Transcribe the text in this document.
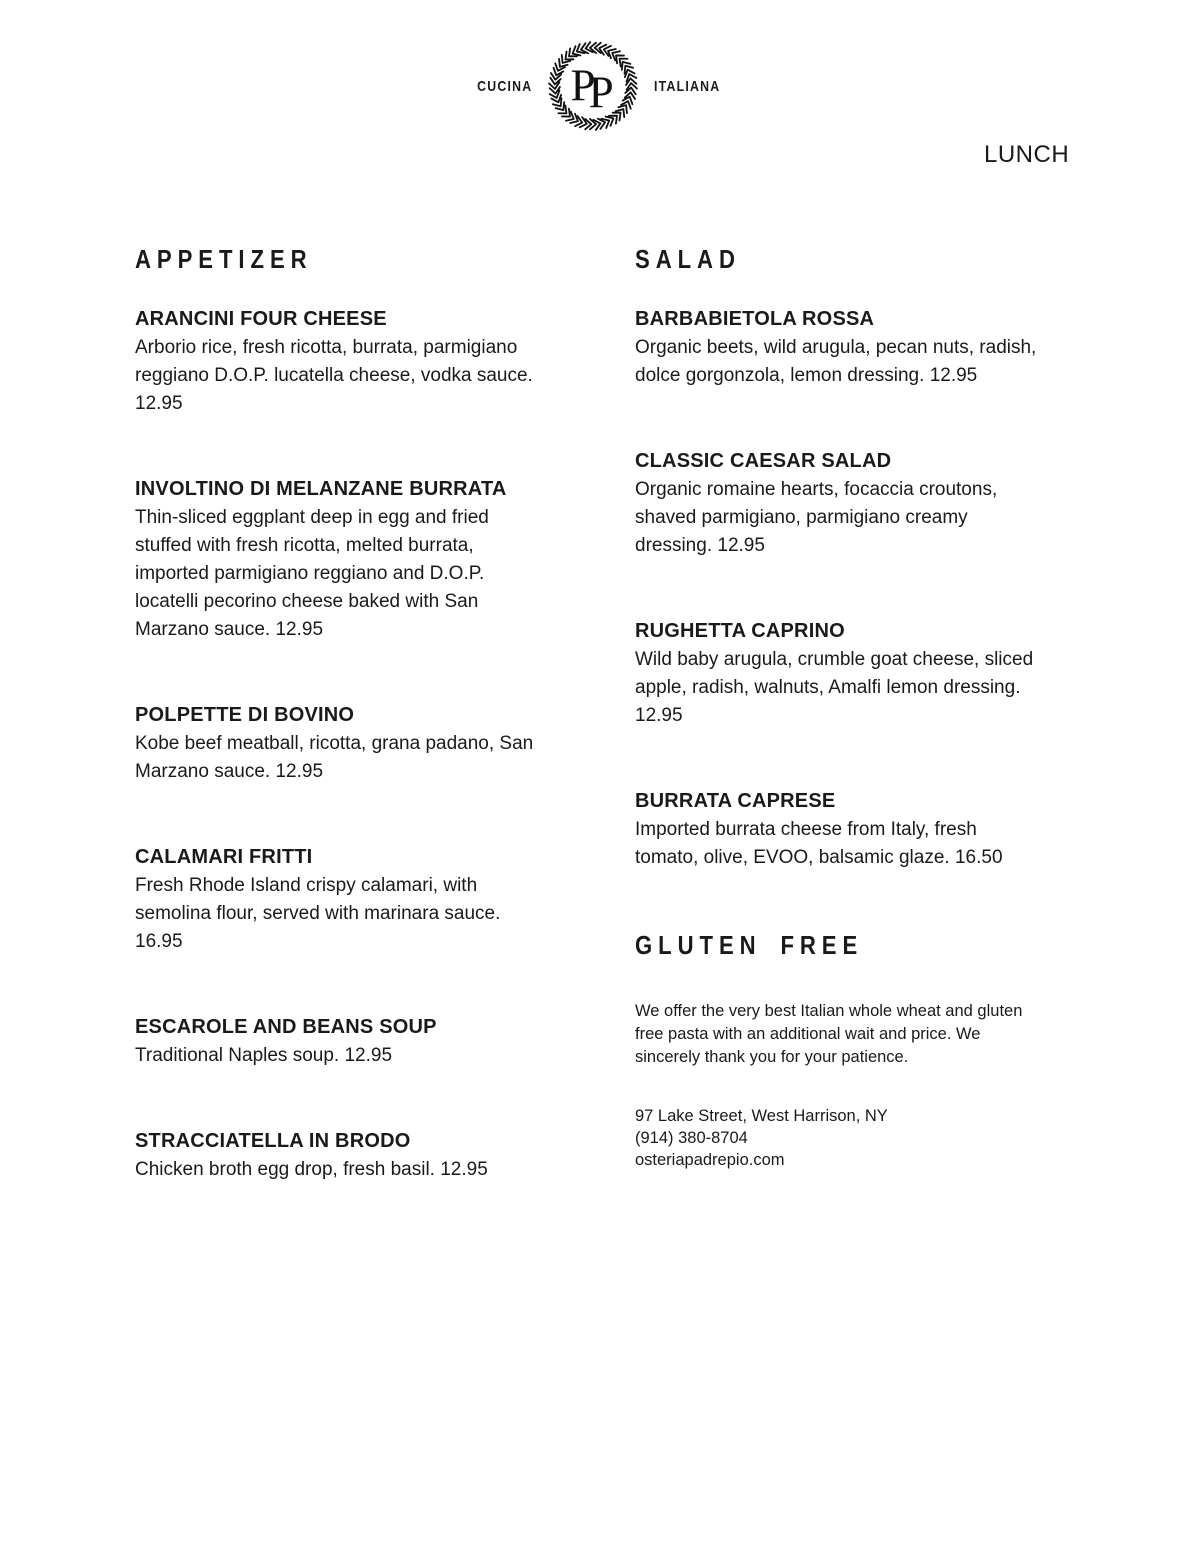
CUCINA P
P	ITALIANA
LUNCH
APPETIZER
ARANCINI FOUR CHEESE

Arborio rice, fresh ricotta, burrata, parmigiano reggiano D.O.P. lucatella cheese, vodka sauce. 12.95

INVOLTINO DI MELANZANE BURRATA

Thin-sliced eggplant deep in egg and fried stuffed with fresh ricotta, melted burrata, imported parmigiano reggiano and D.O.P. locatelli pecorino cheese baked with San Marzano sauce. 12.95

POLPETTE DI BOVINO

Kobe beef meatball, ricotta, grana padano, San Marzano sauce. 12.95

CALAMARI FRITTI

Fresh Rhode Island crispy calamari, with semolina flour, served with marinara sauce. 16.95

ESCAROLE AND BEANS SOUP

Traditional Naples soup. 12.95

STRACCIATELLA IN BRODO

Chicken broth egg drop, fresh basil. 12.95

SALAD
BARBABIETOLA ROSSA

Organic beets, wild arugula, pecan nuts, radish, dolce gorgonzola, lemon dressing. 12.95

CLASSIC CAESAR SALAD

Organic romaine hearts, focaccia croutons, shaved parmigiano, parmigiano creamy dressing. 12.95

RUGHETTA CAPRINO

Wild baby arugula, crumble goat cheese, sliced apple, radish, walnuts, Amalfi lemon dressing. 12.95

BURRATA CAPRESE

Imported burrata cheese from Italy, fresh tomato, olive, EVOO, balsamic glaze. 16.50

GLUTEN FREE

We offer the very best Italian whole wheat and gluten free pasta with an additional wait and price. We sincerely thank you for your patience.

97 Lake Street, West Harrison, NY
(914) 380-8704
osteriapadrepio.com
